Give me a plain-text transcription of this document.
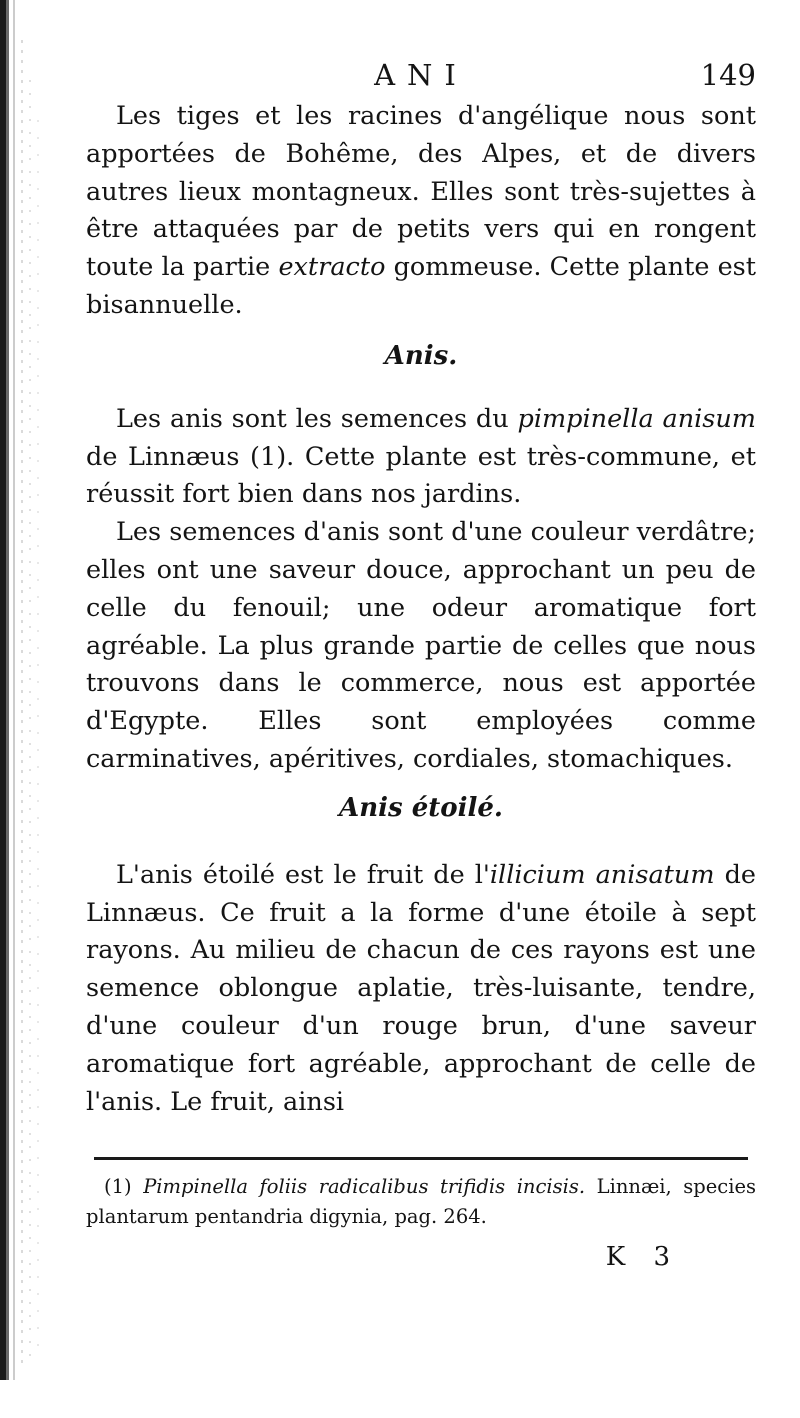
ANI	149

Les tiges et les racines d'angélique nous sont apportées de Bohême, des Alpes, et de divers autres lieux montagneux. Elles sont très-sujettes à être attaquées par de petits vers qui en rongent toute la partie extracto gommeuse. Cette plante est bisannuelle.

Anis.

Les anis sont les semences du pimpinella anisum de Linnæus (1). Cette plante est très-commune, et réussit fort bien dans nos jardins.

Les semences d'anis sont d'une couleur verdâtre; elles ont une saveur douce, approchant un peu de celle du fenouil; une odeur aromatique fort agréable. La plus grande partie de celles que nous trouvons dans le commerce, nous est apportée d'Egypte. Elles sont employées comme carminatives, apéritives, cordiales, stomachiques.

Anis étoilé.

L'anis étoilé est le fruit de l'illicium anisatum de Linnæus. Ce fruit a la forme d'une étoile à sept rayons. Au milieu de chacun de ces rayons est une semence oblongue aplatie, très-luisante, tendre, d'une couleur d'un rouge brun, d'une saveur aromatique fort agréable, approchant de celle de l'anis. Le fruit, ainsi

(1) Pimpinella foliis radicalibus trifidis incisis. Linnæi, species plantarum pentandria digynia, pag. 264.

K 3
